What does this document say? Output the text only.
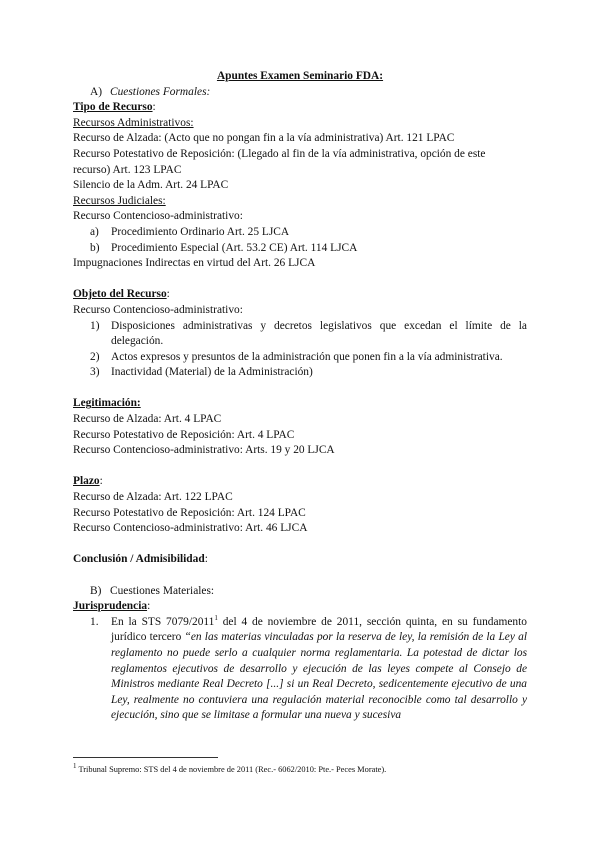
Apuntes Examen Seminario FDA:
A) Cuestiones Formales:
Tipo de Recurso:
Recursos Administrativos:
Recurso de Alzada: (Acto que no pongan fin a la vía administrativa) Art. 121 LPAC
Recurso Potestativo de Reposición: (Llegado al fin de la vía administrativa, opción de este
recurso) Art. 123 LPAC
Silencio de la Adm. Art. 24 LPAC
Recursos Judiciales:
Recurso Contencioso-administrativo:
a)	Procedimiento Ordinario Art. 25 LJCA
b)	Procedimiento Especial (Art. 53.2 CE) Art. 114 LJCA
Impugnaciones Indirectas en virtud del Art. 26 LJCA
Objeto del Recurso:
Recurso Contencioso-administrativo:
1)	Disposiciones administrativas y decretos legislativos que excedan el límite de la delegación.
2)	Actos expresos y presuntos de la administración que ponen fin a la vía administrativa.
3)	Inactividad (Material) de la Administración)
Legitimación:
Recurso de Alzada: Art. 4 LPAC
Recurso Potestativo de Reposición: Art. 4 LPAC
Recurso Contencioso-administrativo: Arts. 19 y 20 LJCA
Plazo:
Recurso de Alzada: Art. 122 LPAC
Recurso Potestativo de Reposición: Art. 124 LPAC
Recurso Contencioso-administrativo: Art. 46 LJCA
Conclusión / Admisibilidad:
B) Cuestiones Materiales:
Jurisprudencia:
1.	En la STS 7079/2011$^1$ del 4 de noviembre de 2011, sección quinta, en su fundamento jurídico tercero “en las materias vinculadas por la reserva de ley, la remisión de la Ley al reglamento no puede serlo a cualquier norma reglamentaria. La potestad de dictar los reglamentos ejecutivos de desarrollo y ejecución de las leyes compete al Consejo de Ministros mediante Real Decreto [...] si un Real Decreto, sedicentemente ejecutivo de una Ley, realmente no contuviera una regulación material reconocible como tal desarrollo y ejecución, sino que se limitase a formular una nueva y sucesiva
$^1$ Tribunal Supremo: STS del 4 de noviembre de 2011 (Rec.- 6062/2010: Pte.- Peces Morate).
